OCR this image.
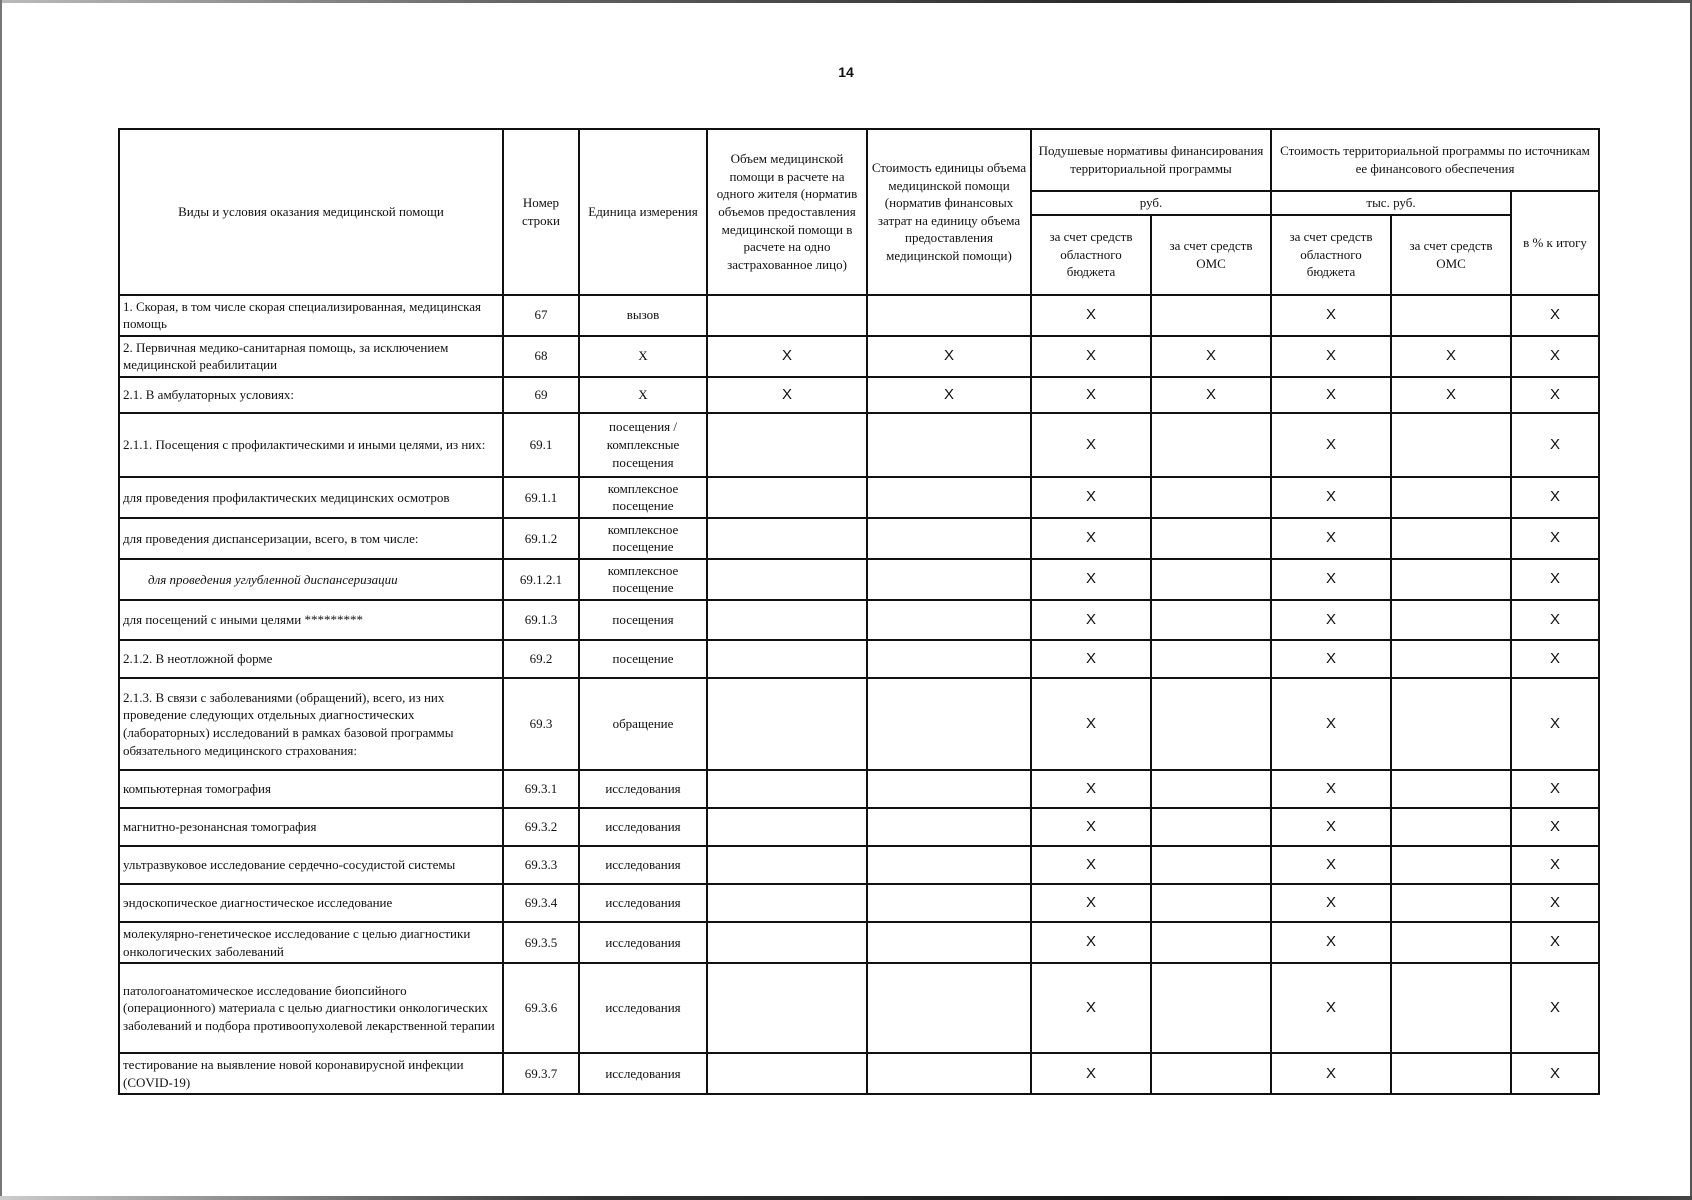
14
Виды и условия оказания медицинской помощи	Номер строки	Единица измерения	Объем медицинской помощи в расчете на одного жителя (норматив объемов предоставления медицинской помощи в расчете на одно застрахованное лицо)	Стоимость единицы объема медицинской помощи (норматив финансовых затрат на единицу объема предоставления медицинской помощи)	Подушевые нормативы финансирования территориальной программы		Стоимость территориальной программы по источникам ее финансового обеспечения		
					руб.		тыс. руб.		в % к итогу
					за счет средств областного бюджета	за счет средств ОМС	за счет средств областного бюджета	за счет средств ОМС	
1. Скорая, в том числе скорая специализированная, медицинская помощь	67	вызов			X		X		X
2. Первичная медико-санитарная помощь, за исключением медицинской реабилитации	68	X	X	X	X	X	X	X	X
2.1. В амбулаторных условиях:	69	X	X	X	X	X	X	X	X
2.1.1. Посещения с профилактическими и иными целями, из них:	69.1	посещения / комплексные посещения			X		X		X
для проведения профилактических медицинских осмотров	69.1.1	комплексное посещение			X		X		X
для проведения диспансеризации, всего, в том числе:	69.1.2	комплексное посещение			X		X		X
для проведения углубленной диспансеризации	69.1.2.1	комплексное посещение			X		X		X
для посещений с иными целями *********	69.1.3	посещения			X		X		X
2.1.2. В неотложной форме	69.2	посещение			X		X		X
2.1.3. В связи с заболеваниями (обращений), всего, из них проведение следующих отдельных диагностических (лабораторных) исследований в рамках базовой программы обязательного медицинского страхования:	69.3	обращение			X		X		X
компьютерная томография	69.3.1	исследования			X		X		X
магнитно-резонансная томография	69.3.2	исследования			X		X		X
ультразвуковое исследование сердечно-сосудистой системы	69.3.3	исследования			X		X		X
эндоскопическое диагностическое исследование	69.3.4	исследования			X		X		X
молекулярно-генетическое исследование с целью диагностики онкологических заболеваний	69.3.5	исследования			X		X		X
патологоанатомическое исследование биопсийного (операционного) материала с целью диагностики онкологических заболеваний и подбора противоопухолевой лекарственной терапии	69.3.6	исследования			X		X		X
тестирование на выявление новой коронавирусной инфекции (COVID-19)	69.3.7	исследования			X		X		X
